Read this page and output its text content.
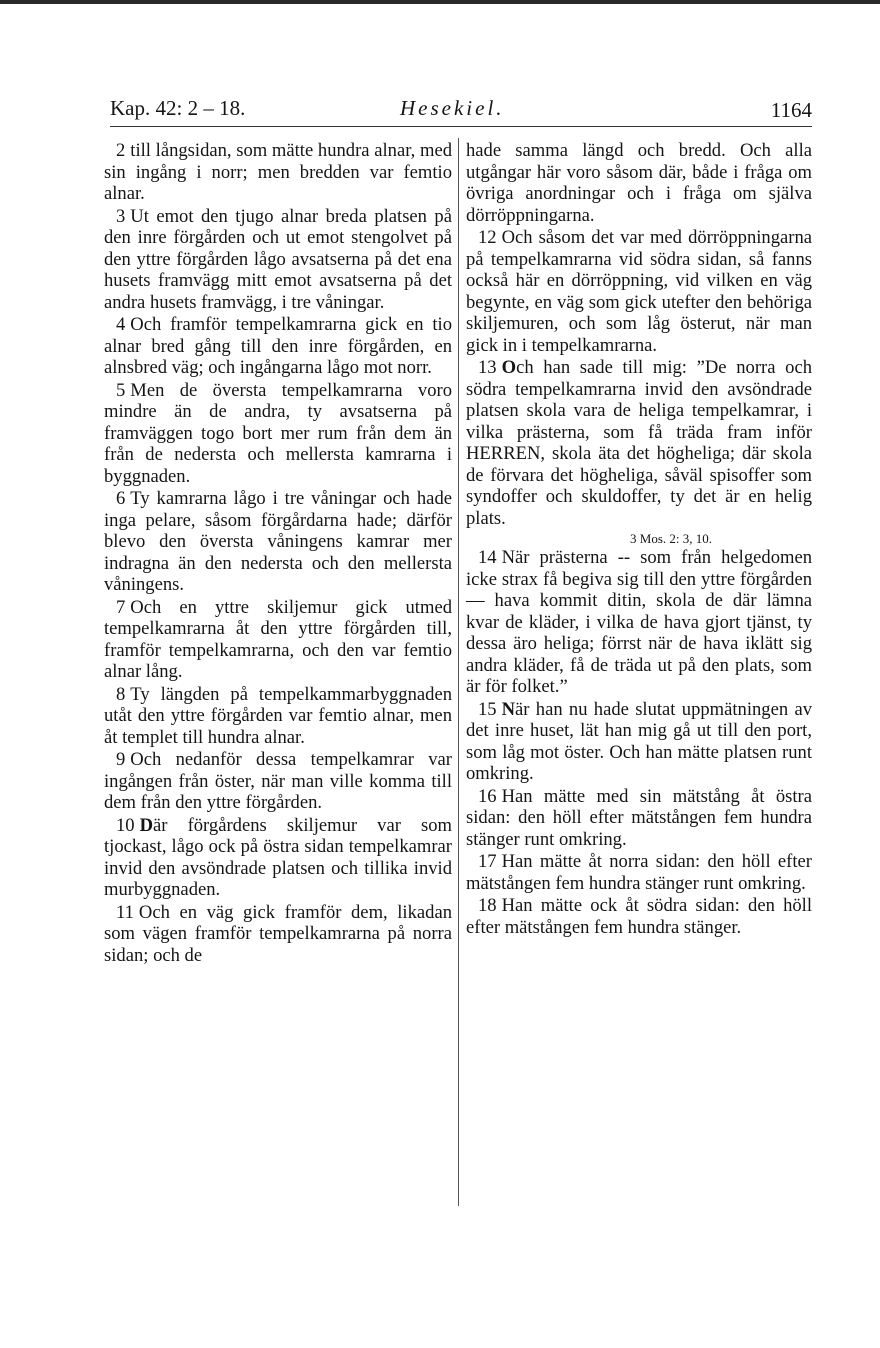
Kap. 42: 2 – 18.	Hesekiel.	1164

2 till långsidan, som mätte hundra alnar, med sin ingång i norr; men bredden var femtio alnar.

3 Ut emot den tjugo alnar breda platsen på den inre förgården och ut emot stengolvet på den yttre förgården lågo avsatserna på det ena husets framvägg mitt emot avsatserna på det andra husets framvägg, i tre våningar.

4 Och framför tempelkamrarna gick en tio alnar bred gång till den inre förgården, en alnsbred väg; och ingångarna lågo mot norr.

5 Men de översta tempelkamrarna voro mindre än de andra, ty avsatserna på framväggen togo bort mer rum från dem än från de nedersta och mellersta kamrarna i byggnaden.

6 Ty kamrarna lågo i tre våningar och hade inga pelare, såsom förgårdarna hade; därför blevo den översta våningens kamrar mer indragna än den nedersta och den mellersta våningens.

7 Och en yttre skiljemur gick utmed tempelkamrarna åt den yttre förgården till, framför tempelkamrarna, och den var femtio alnar lång.

8 Ty längden på tempelkammarbyggnaden utåt den yttre förgården var femtio alnar, men åt templet till hundra alnar.

9 Och nedanför dessa tempelkamrar var ingången från öster, när man ville komma till dem från den yttre förgården.

10 Där förgårdens skiljemur var som tjockast, lågo ock på östra sidan tempelkamrar invid den avsöndrade platsen och tillika invid murbyggnaden.

11 Och en väg gick framför dem, likadan som vägen framför tempelkamrarna på norra sidan; och de

hade samma längd och bredd. Och alla utgångar här voro såsom där, både i fråga om övriga anordningar och i fråga om själva dörröppningarna.

12 Och såsom det var med dörröppningarna på tempelkamrarna vid södra sidan, så fanns också här en dörröppning, vid vilken en väg begynte, en väg som gick utefter den behöriga skiljemuren, och som låg österut, när man gick in i tempelkamrarna.

13 Och han sade till mig: ”De norra och södra tempelkamrarna invid den avsöndrade platsen skola vara de heliga tempelkamrar, i vilka prästerna, som få träda fram inför HERREN, skola äta det högheliga; där skola de förvara det högheliga, såväl spisoffer som syndoffer och skuldoffer, ty det är en helig plats.

3 Mos. 2: 3, 10.

14 När prästerna -- som från helgedomen icke strax få begiva sig till den yttre förgården — hava kommit ditin, skola de där lämna kvar de kläder, i vilka de hava gjort tjänst, ty dessa äro heliga; förrst när de hava iklätt sig andra kläder, få de träda ut på den plats, som är för folket.”

15 När han nu hade slutat uppmätningen av det inre huset, lät han mig gå ut till den port, som låg mot öster. Och han mätte platsen runt omkring.

16 Han mätte med sin mätstång åt östra sidan: den höll efter mätstången fem hundra stänger runt omkring.

17 Han mätte åt norra sidan: den höll efter mätstången fem hundra stänger runt omkring.

18 Han mätte ock åt södra sidan: den höll efter mätstången fem hundra stänger.
